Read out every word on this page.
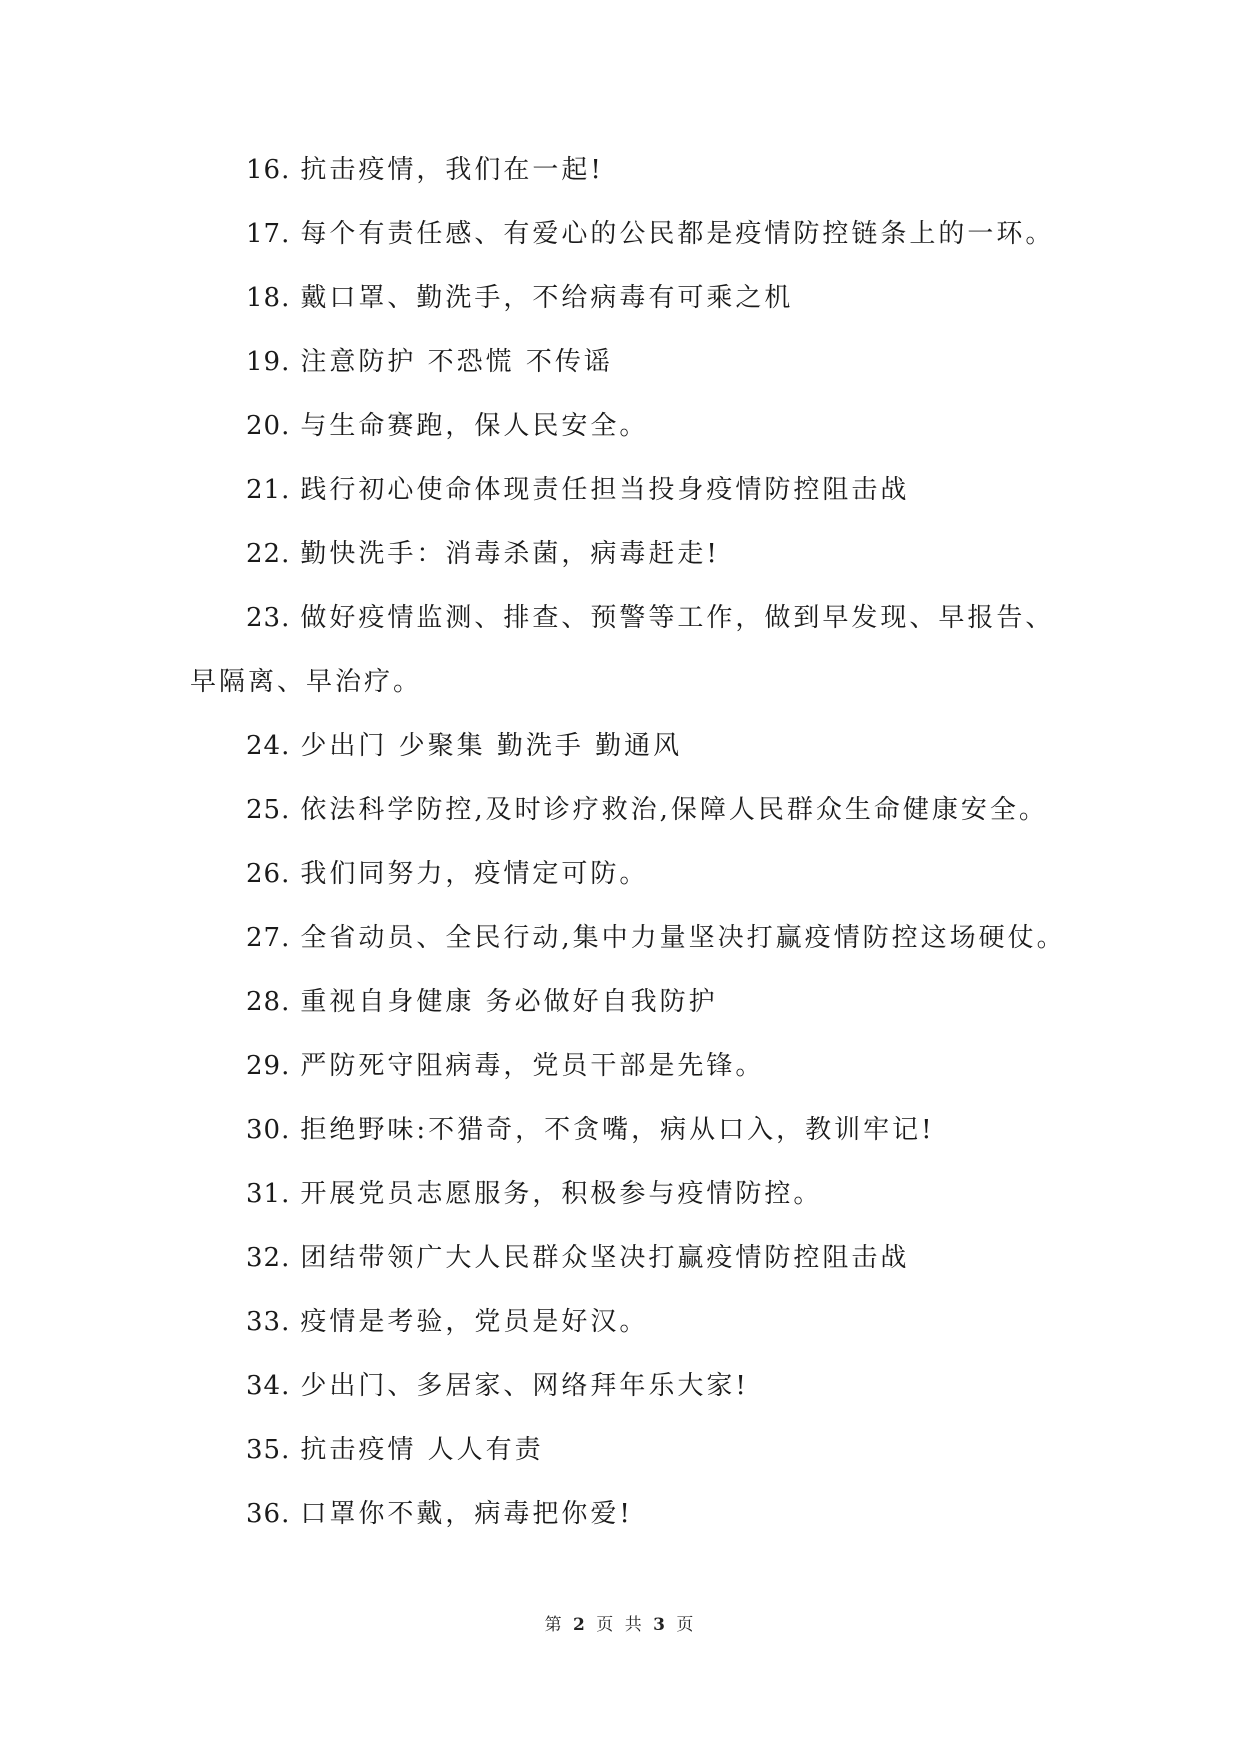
16. 抗击疫情，我们在一起!

17. 每个有责任感、有爱心的公民都是疫情防控链条上的一环。

18. 戴口罩、勤洗手，不给病毒有可乘之机

19. 注意防护 不恐慌 不传谣

20. 与生命赛跑，保人民安全。

21. 践行初心使命体现责任担当投身疫情防控阻击战

22. 勤快洗手：消毒杀菌，病毒赶走!

23. 做好疫情监测、排查、预警等工作，做到早发现、早报告、
早隔离、早治疗。

24. 少出门 少聚集 勤洗手 勤通风

25. 依法科学防控,及时诊疗救治,保障人民群众生命健康安全。

26. 我们同努力，疫情定可防。

27. 全省动员、全民行动,集中力量坚决打赢疫情防控这场硬仗。

28. 重视自身健康 务必做好自我防护

29. 严防死守阻病毒，党员干部是先锋。

30. 拒绝野味:不猎奇，不贪嘴，病从口入，教训牢记!

31. 开展党员志愿服务，积极参与疫情防控。

32. 团结带领广大人民群众坚决打赢疫情防控阻击战

33. 疫情是考验，党员是好汉。

34. 少出门、多居家、网络拜年乐大家!

35. 抗击疫情 人人有责

36. 口罩你不戴，病毒把你爱!

第 2 页 共 3 页
